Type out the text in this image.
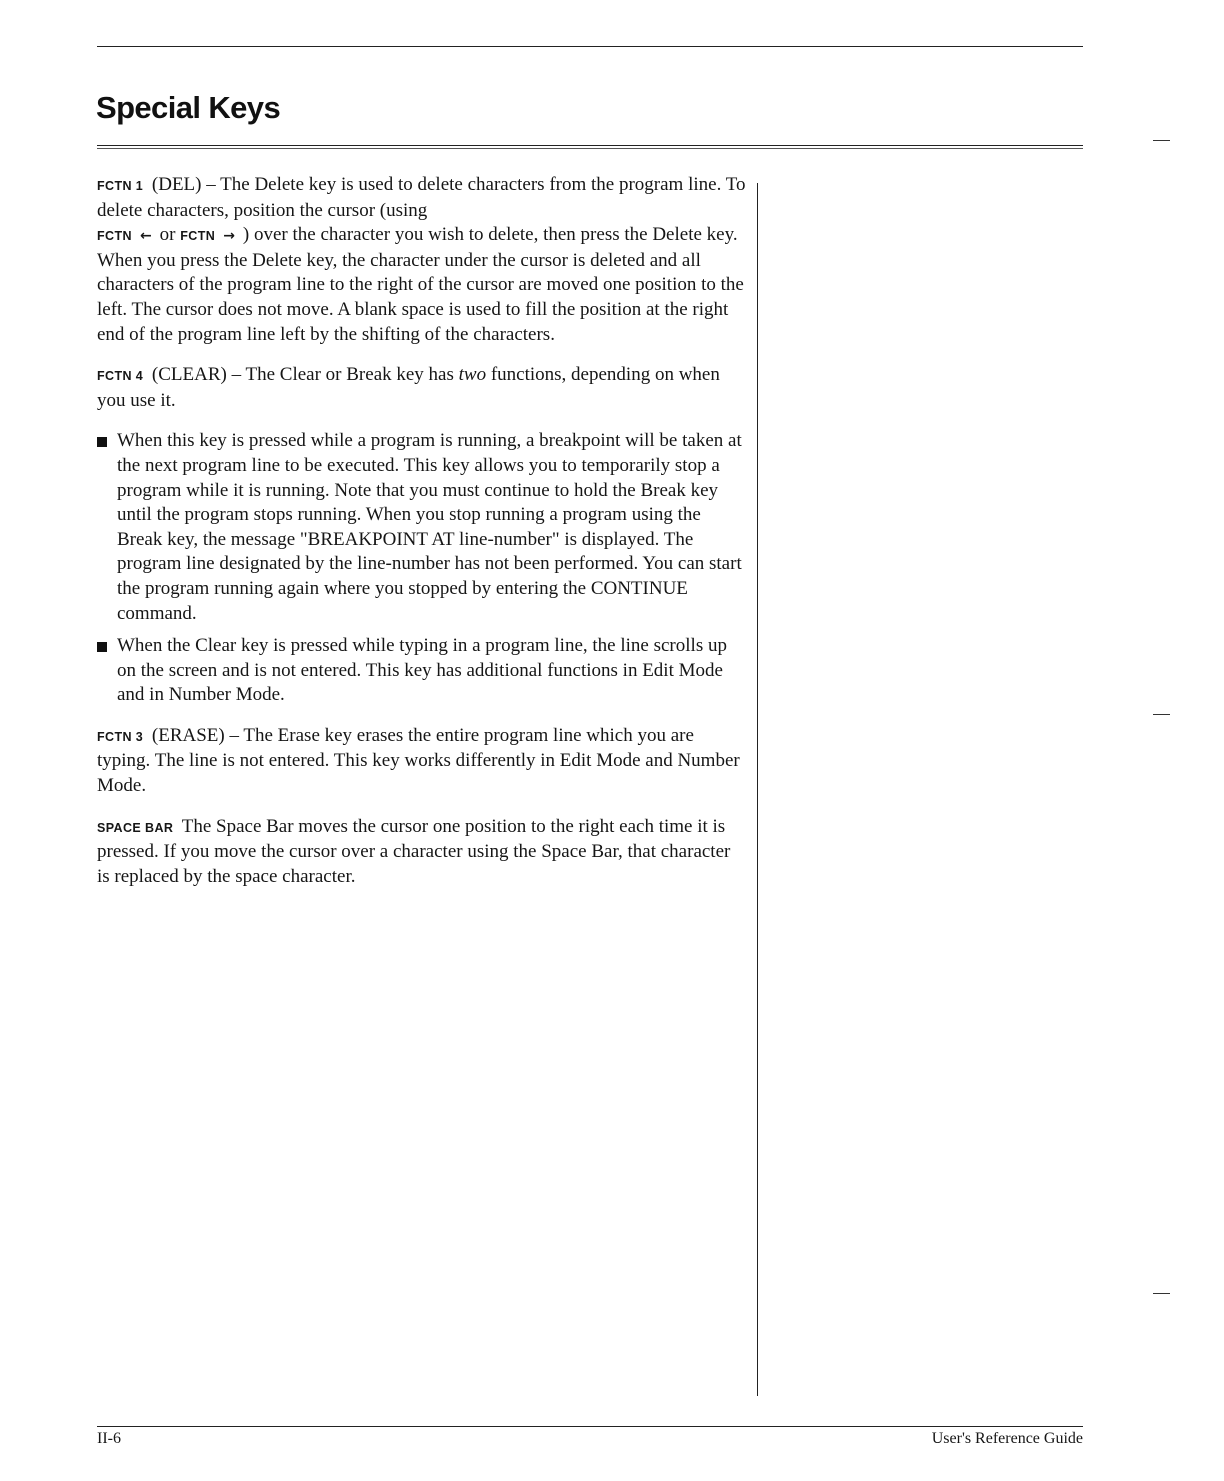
Special Keys

FCTN 1 (DEL) – The Delete key is used to delete characters from the program line. To delete characters, position the cursor (using
FCTN ← or FCTN → ) over the character you wish to delete, then press the Delete key. When you press the Delete key, the character under the cursor is deleted and all characters of the program line to the right of the cursor are moved one position to the left. The cursor does not move. A blank space is used to fill the position at the right end of the program line left by the shifting of the characters.

FCTN 4 (CLEAR) – The Clear or Break key has two functions, depending on when you use it.

When this key is pressed while a program is running, a breakpoint will be taken at the next program line to be executed. This key allows you to temporarily stop a program while it is running. Note that you must continue to hold the Break key until the program stops running. When you stop running a program using the Break key, the message "BREAKPOINT AT line-number" is displayed. The program line designated by the line-number has not been performed. You can start the program running again where you stopped by entering the CONTINUE command.
When the Clear key is pressed while typing in a program line, the line scrolls up on the screen and is not entered. This key has additional functions in Edit Mode and in Number Mode.

FCTN 3 (ERASE) – The Erase key erases the entire program line which you are typing. The line is not entered. This key works differently in Edit Mode and Number Mode.

SPACE BAR The Space Bar moves the cursor one position to the right each time it is pressed. If you move the cursor over a character using the Space Bar, that character is replaced by the space character.

II-6	User's Reference Guide
